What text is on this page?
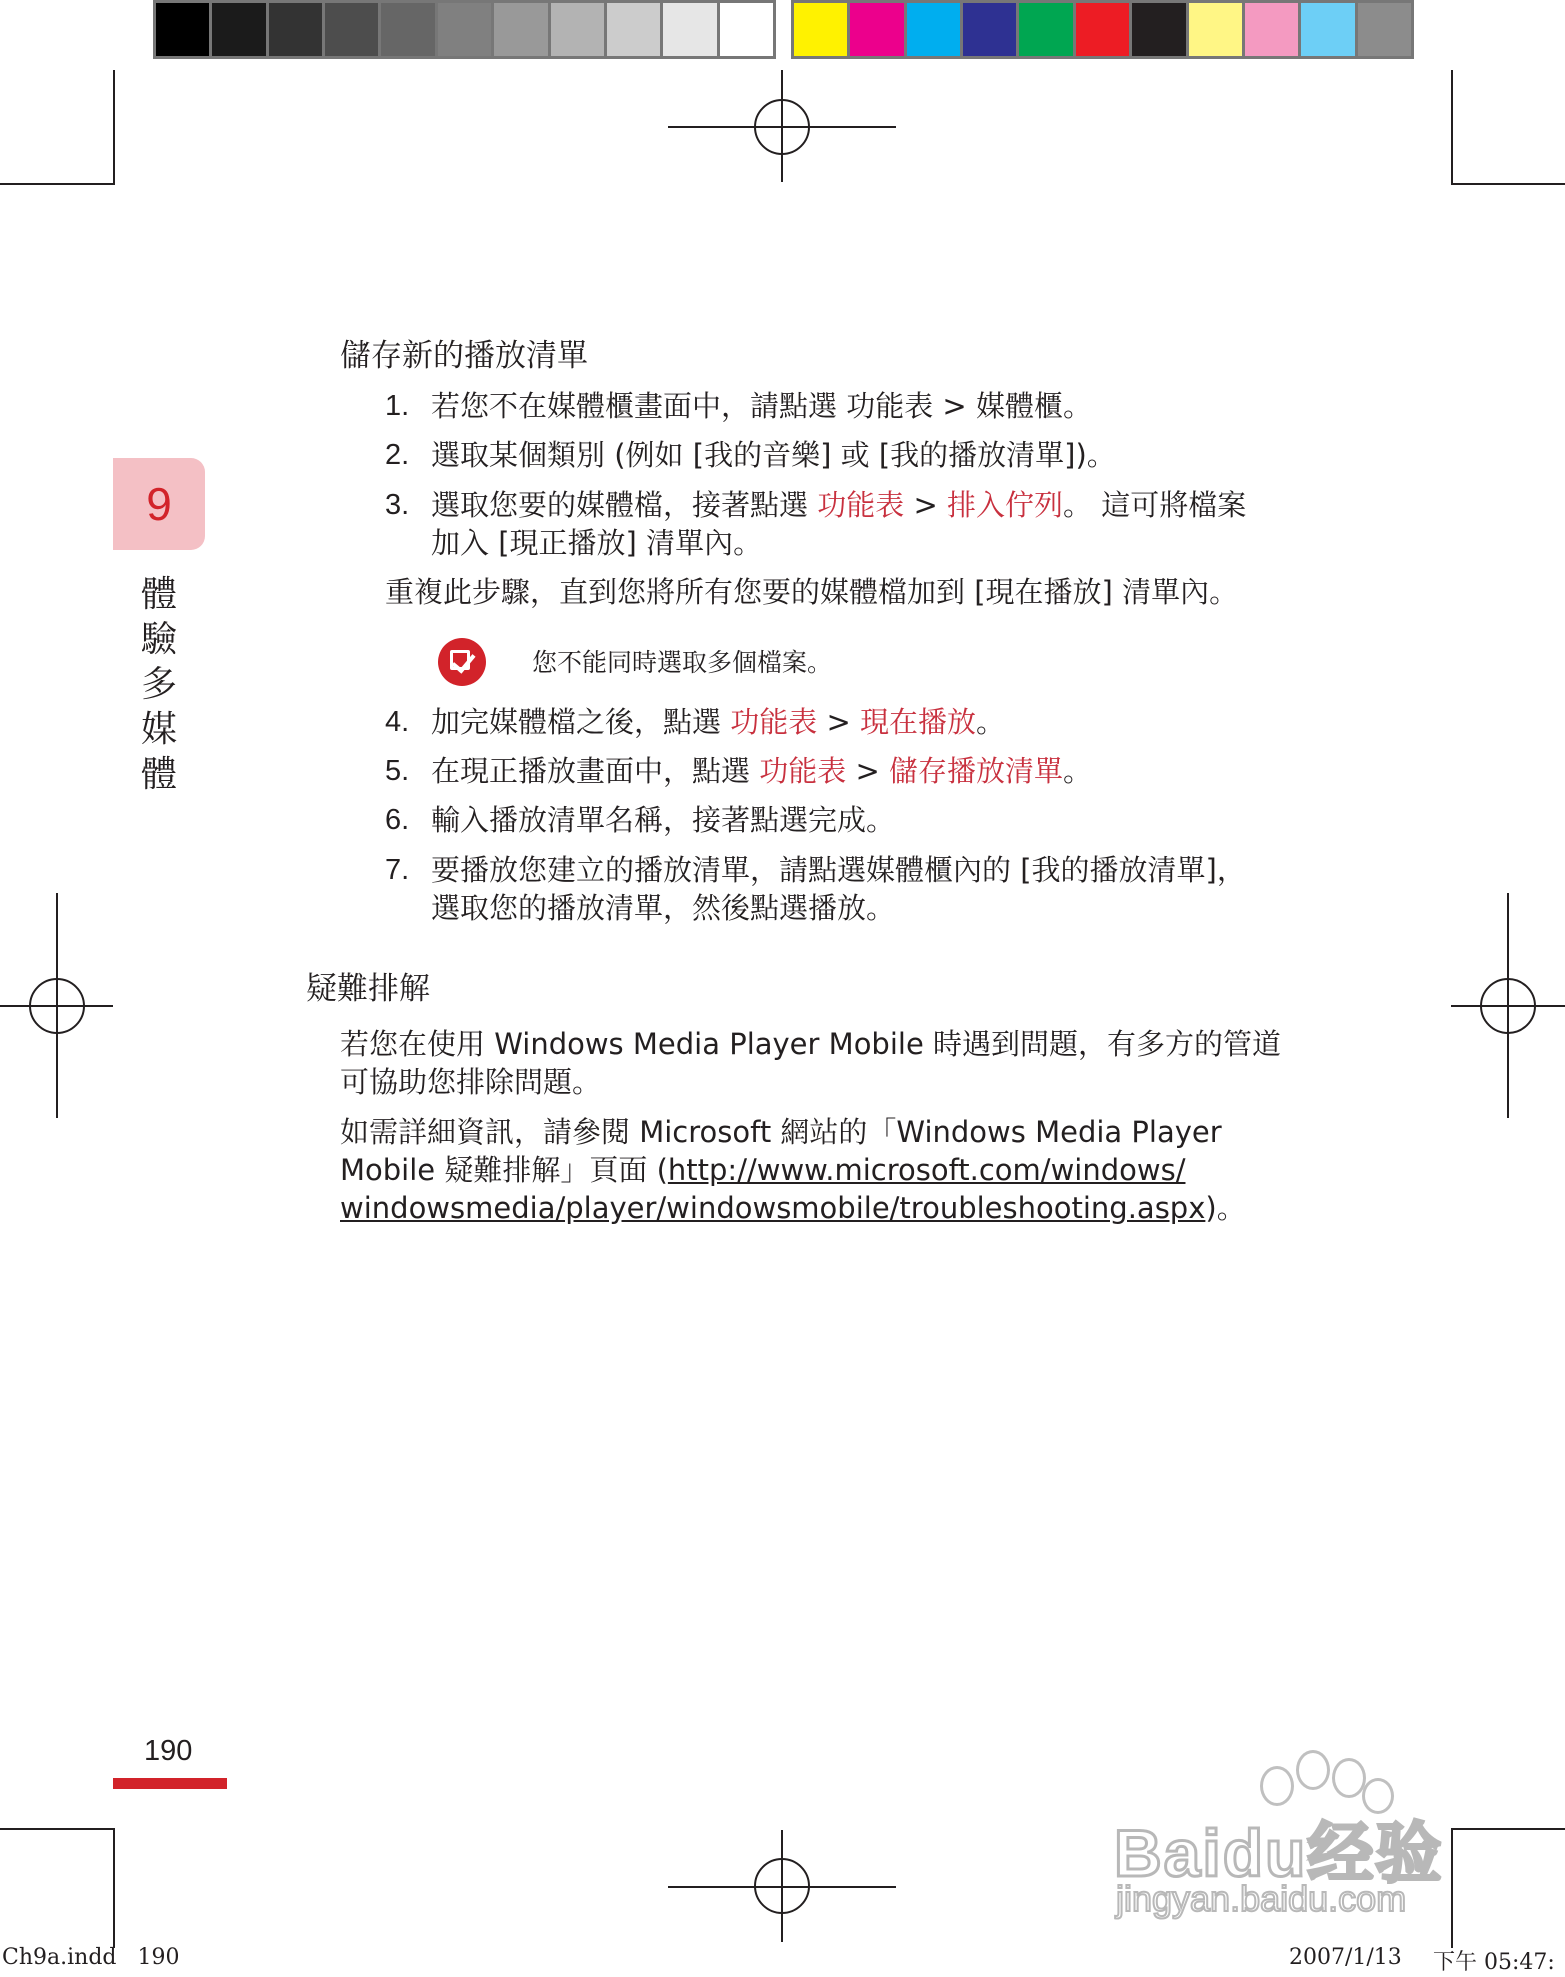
9
體
驗
多
媒
體
儲存新的播放清單
1. 若您不在媒體櫃畫面中，請點選 功能表 > 媒體櫃。
2. 選取某個類別 (例如 [我的音樂] 或 [我的播放清單])。
3. 選取您要的媒體檔，接著點選 功能表 > 排入佇列。 這可將檔案
加入 [現正播放] 清單內。
重複此步驟，直到您將所有您要的媒體檔加到 [現在播放] 清單內。
您不能同時選取多個檔案。
4. 加完媒體檔之後，點選 功能表 > 現在播放。
5. 在現正播放畫面中，點選 功能表 > 儲存播放清單。
6. 輸入播放清單名稱，接著點選完成。
7. 要播放您建立的播放清單，請點選媒體櫃內的 [我的播放清單]，
選取您的播放清單，然後點選播放。
疑難排解
若您在使用 Windows Media Player Mobile 時遇到問題，有多方的管道
可協助您排除問題。
如需詳細資訊，請參閱 Microsoft 網站的「Windows Media Player
Mobile 疑難排解」頁面 (http://www.microsoft.com/windows/
windowsmedia/player/windowsmobile/troubleshooting.aspx)。
190
Baidu经验
jingyan.baidu.com
Ch9a.indd   190	2007/1/13 下午 05:47:
